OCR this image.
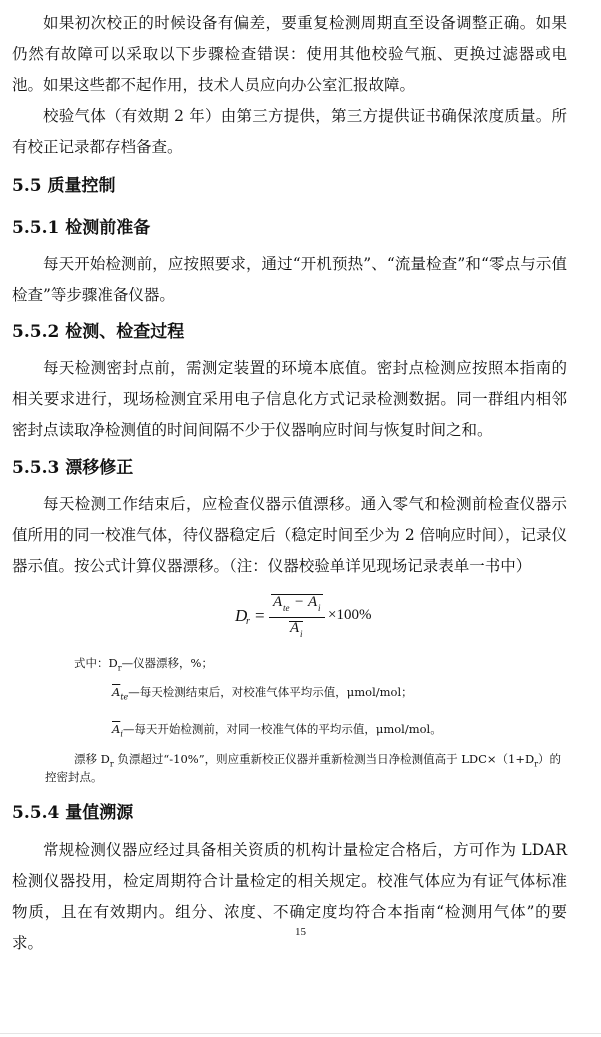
如果初次校正的时候设备有偏差，要重复检测周期直至设备调整正确。如果仍然有故障可以采取以下步骤检查错误：使用其他校验气瓶、更换过滤器或电池。如果这些都不起作用，技术人员应向办公室汇报故障。

校验气体（有效期 2 年）由第三方提供，第三方提供证书确保浓度质量。所有校正记录都存档备查。

5.5 质量控制
5.5.1 检测前准备

每天开始检测前，应按照要求，通过“开机预热”、“流量检查”和“零点与示值检查”等步骤准备仪器。

5.5.2 检测、检查过程

每天检测密封点前，需测定装置的环境本底值。密封点检测应按照本指南的相关要求进行，现场检测宜采用电子信息化方式记录检测数据。同一群组内相邻密封点读取净检测值的时间间隔不少于仪器响应时间与恢复时间之和。

5.5.3 漂移修正

每天检测工作结束后，应检查仪器示值漂移。通入零气和检测前检查仪器示值所用的同一校准气体，待仪器稳定后（稳定时间至少为 2 倍响应时间），记录仪器示值。按公式计算仪器漂移。（注：仪器校验单详见现场记录表单一书中）

D
r =
A te − A i
A i
×100%

式中：$D_r—$仪器漂移，%；

$\overline{A}_{te}—$每天检测结束后，对校准气体平均示值，μmol/mol；

$\overline{A}_i—$每天开始检测前，对同一校准气体的平均示值，μmol/mol。

漂移 $D_r$ 负漂超过“-10%”，则应重新校正仪器并重新检测当日净检测值高于 $LDC\times(1+D_r)$的

控密封点。

5.5.4 量值溯源

常规检测仪器应经过具备相关资质的机构计量检定合格后，方可作为 LDAR 检测仪器投用，检定周期符合计量检定的相关规定。校准气体应为有证气体标准物质，且在有效期内。组分、浓度、不确定度均符合本指南“检测用气体”的要求。

15
